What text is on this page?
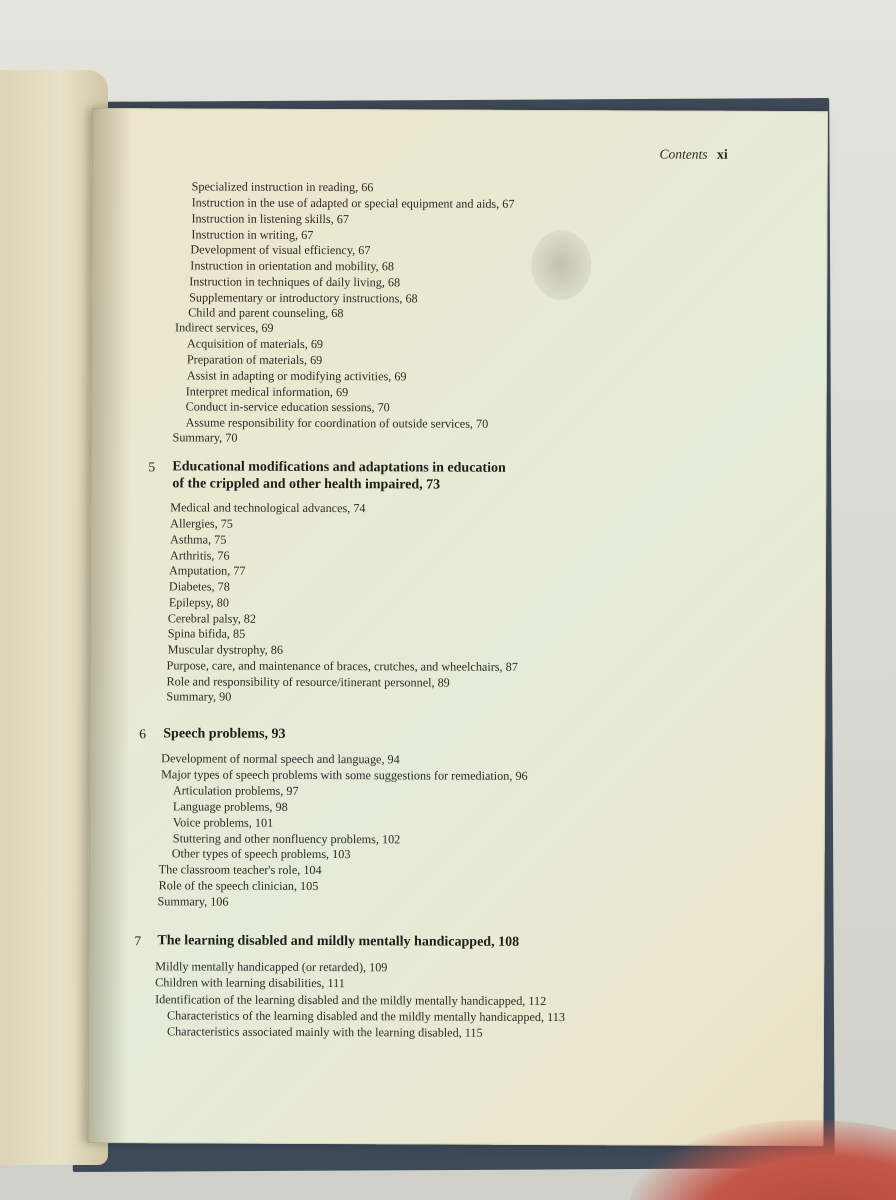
Contents xi
Specialized instruction in reading, 66
Instruction in the use of adapted or special equipment and aids, 67
Instruction in listening skills, 67
Instruction in writing, 67
Development of visual efficiency, 67
Instruction in orientation and mobility, 68
Instruction in techniques of daily living, 68
Supplementary or introductory instructions, 68
Child and parent counseling, 68
Indirect services, 69
Acquisition of materials, 69
Preparation of materials, 69
Assist in adapting or modifying activities, 69
Interpret medical information, 69
Conduct in-service education sessions, 70
Assume responsibility for coordination of outside services, 70
Summary, 70
5 Educational modifications and adaptations in education
of the crippled and other health impaired, 73
Medical and technological advances, 74
Allergies, 75
Asthma, 75
Arthritis, 76
Amputation, 77
Diabetes, 78
Epilepsy, 80
Cerebral palsy, 82
Spina bifida, 85
Muscular dystrophy, 86
Purpose, care, and maintenance of braces, crutches, and wheelchairs, 87
Role and responsibility of resource/itinerant personnel, 89
Summary, 90
6 Speech problems, 93
Development of normal speech and language, 94
Major types of speech problems with some suggestions for remediation, 96
Articulation problems, 97
Language problems, 98
Voice problems, 101
Stuttering and other nonfluency problems, 102
Other types of speech problems, 103
The classroom teacher's role, 104
Role of the speech clinician, 105
Summary, 106
7 The learning disabled and mildly mentally handicapped, 108
Mildly mentally handicapped (or retarded), 109
Children with learning disabilities, 111
Identification of the learning disabled and the mildly mentally handicapped, 112
Characteristics of the learning disabled and the mildly mentally handicapped, 113
Characteristics associated mainly with the learning disabled, 115
